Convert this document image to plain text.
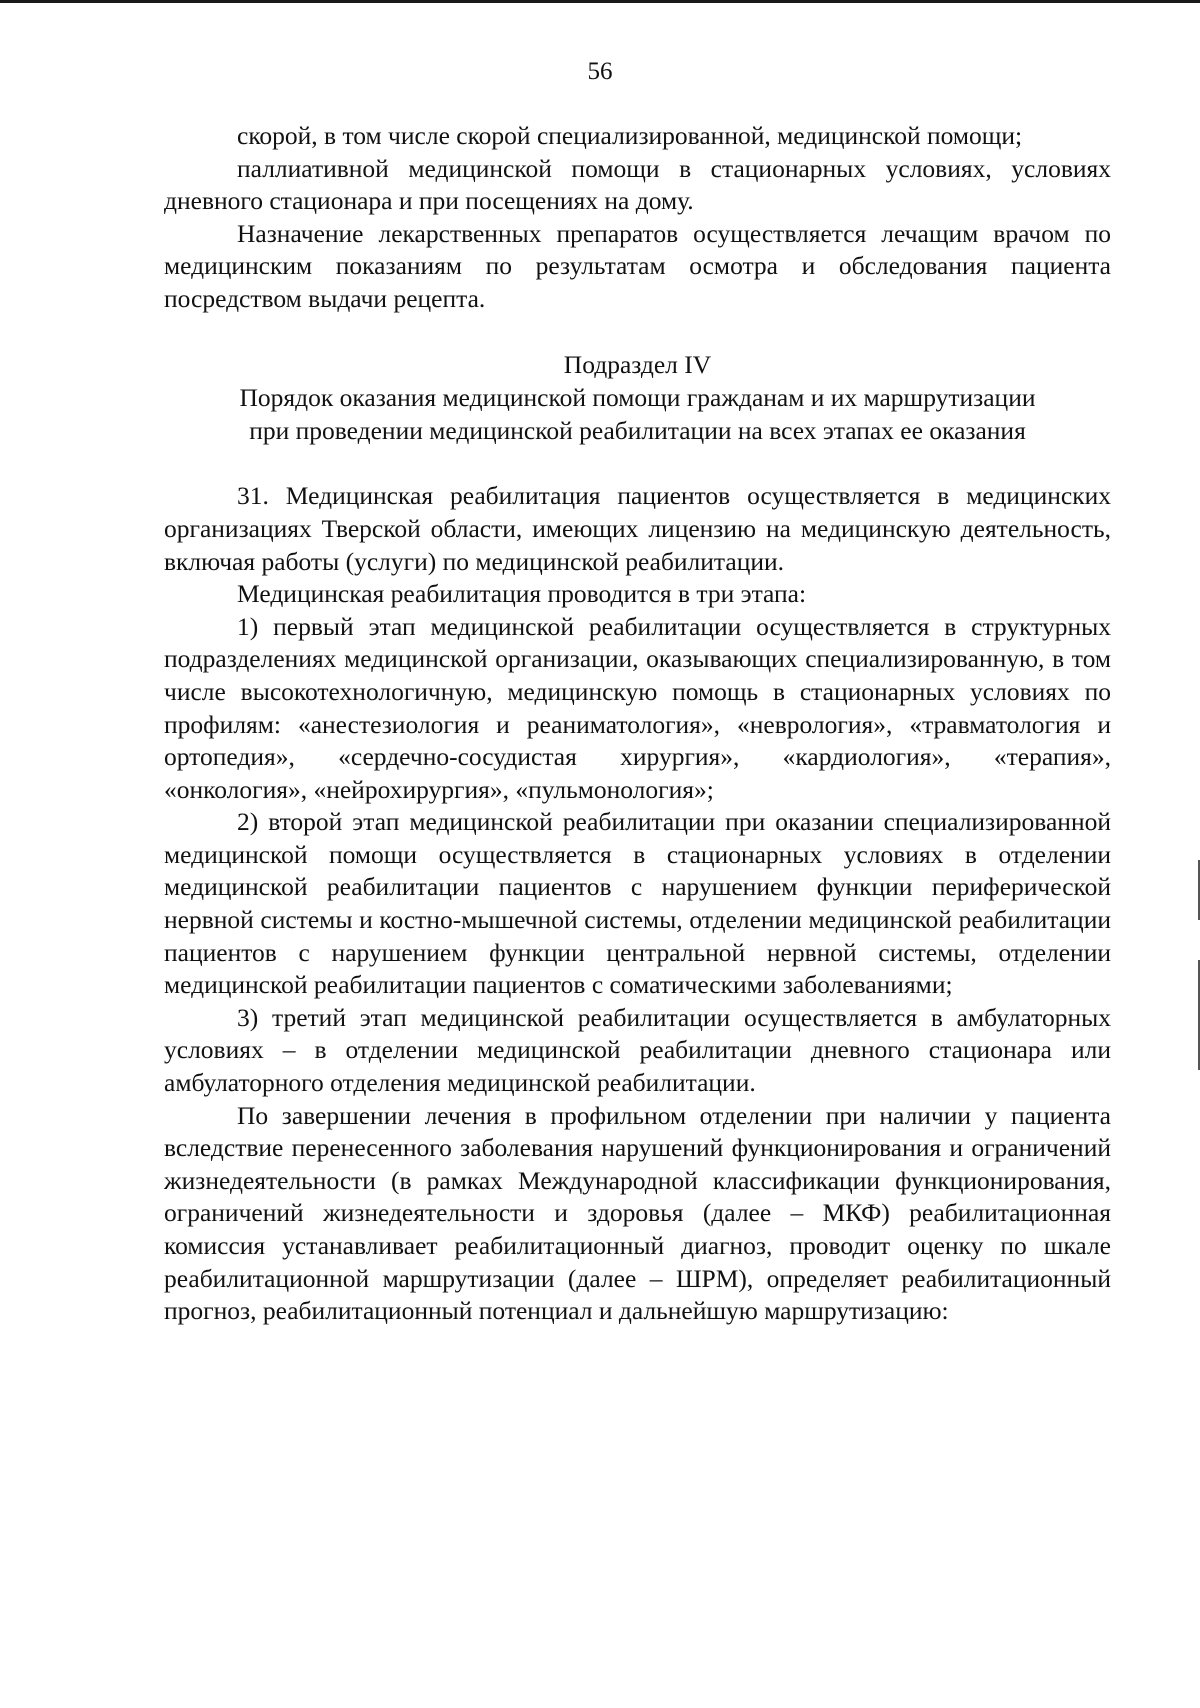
56

скорой, в том числе скорой специализированной, медицинской помощи;

паллиативной медицинской помощи в стационарных условиях, условиях дневного стационара и при посещениях на дому.

Назначение лекарственных препаратов осуществляется лечащим врачом по медицинским показаниям по результатам осмотра и обследования пациента посредством выдачи рецепта.

Подраздел IV

Порядок оказания медицинской помощи гражданам и их маршрутизации

при проведении медицинской реабилитации на всех этапах ее оказания

31. Медицинская реабилитация пациентов осуществляется в медицинских организациях Тверской области, имеющих лицензию на медицинскую деятельность, включая работы (услуги) по медицинской реабилитации.

Медицинская реабилитация проводится в три этапа:

1) первый этап медицинской реабилитации осуществляется в структурных подразделениях медицинской организации, оказывающих специализированную, в том числе высокотехнологичную, медицинскую помощь в стационарных условиях по профилям: «анестезиология и реаниматология», «неврология», «травматология и ортопедия», «сердечно-сосудистая хирургия», «кардиология», «терапия», «онкология», «нейрохирургия», «пульмонология»;

2) второй этап медицинской реабилитации при оказании специализированной медицинской помощи осуществляется в стационарных условиях в отделении медицинской реабилитации пациентов с нарушением функции периферической нервной системы и костно-мышечной системы, отделении медицинской реабилитации пациентов с нарушением функции центральной нервной системы, отделении медицинской реабилитации пациентов с соматическими заболеваниями;

3) третий этап медицинской реабилитации осуществляется в амбулаторных условиях – в отделении медицинской реабилитации дневного стационара или амбулаторного отделения медицинской реабилитации.

По завершении лечения в профильном отделении при наличии у пациента вследствие перенесенного заболевания нарушений функционирования и ограничений жизнедеятельности (в рамках Международной классификации функционирования, ограничений жизнедеятельности и здоровья (далее – МКФ) реабилитационная комиссия устанавливает реабилитационный диагноз, проводит оценку по шкале реабилитационной маршрутизации (далее – ШРМ), определяет реабилитационный прогноз, реабилитационный потенциал и дальнейшую маршрутизацию:
